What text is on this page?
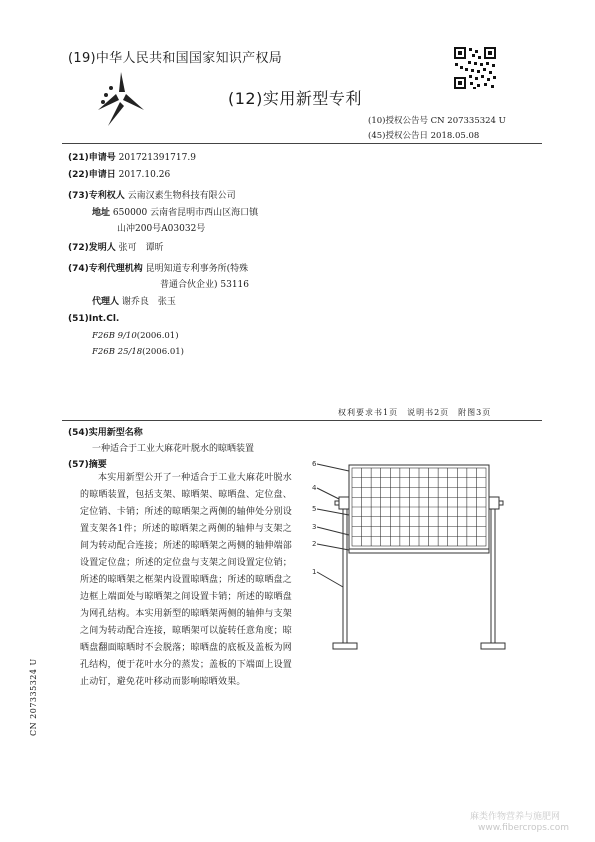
(19)中华人民共和国国家知识产权局
(12)实用新型专利
(10)授权公告号 CN 207335324 U
(45)授权公告日 2018.05.08
(21)申请号 201721391717.9
(22)申请日 2017.10.26
(73)专利权人 云南汉素生物科技有限公司
地址 650000 云南省昆明市西山区海口镇
山冲200号A03032号
(72)发明人 张可　谭昕
(74)专利代理机构 昆明知道专利事务所(特殊
普通合伙企业) 53116
代理人 谢乔良　张玉
(51)Int.Cl.
F26B 9/10(2006.01)
F26B 25/18(2006.01)
权利要求书1页　说明书2页　附图3页
(54)实用新型名称
一种适合于工业大麻花叶脱水的晾晒装置
(57)摘要

本实用新型公开了一种适合于工业大麻花叶脱水的晾晒装置，包括支架、晾晒架、晾晒盘、定位盘、定位销、卡销；所述的晾晒架之两侧的轴伸处分别设置支架各1件；所述的晾晒架之两侧的轴伸与支架之间为转动配合连接；所述的晾晒架之两侧的轴伸端部设置定位盘；所述的定位盘与支架之间设置定位销；所述的晾晒架之框架内设置晾晒盘；所述的晾晒盘之边框上端面处与晾晒架之间设置卡销；所述的晾晒盘为网孔结构。本实用新型的晾晒架两侧的轴伸与支架之间为转动配合连接，晾晒架可以旋转任意角度；晾晒盘翻面晾晒时不会脱落；晾晒盘的底板及盖板为网孔结构，便于花叶水分的蒸发；盖板的下端面上设置止动钉，避免花叶移动而影响晾晒效果。

6
4
5
3
2
1
CN 207335324 U
麻类作物营养与施肥网
www.fibercrops.com
